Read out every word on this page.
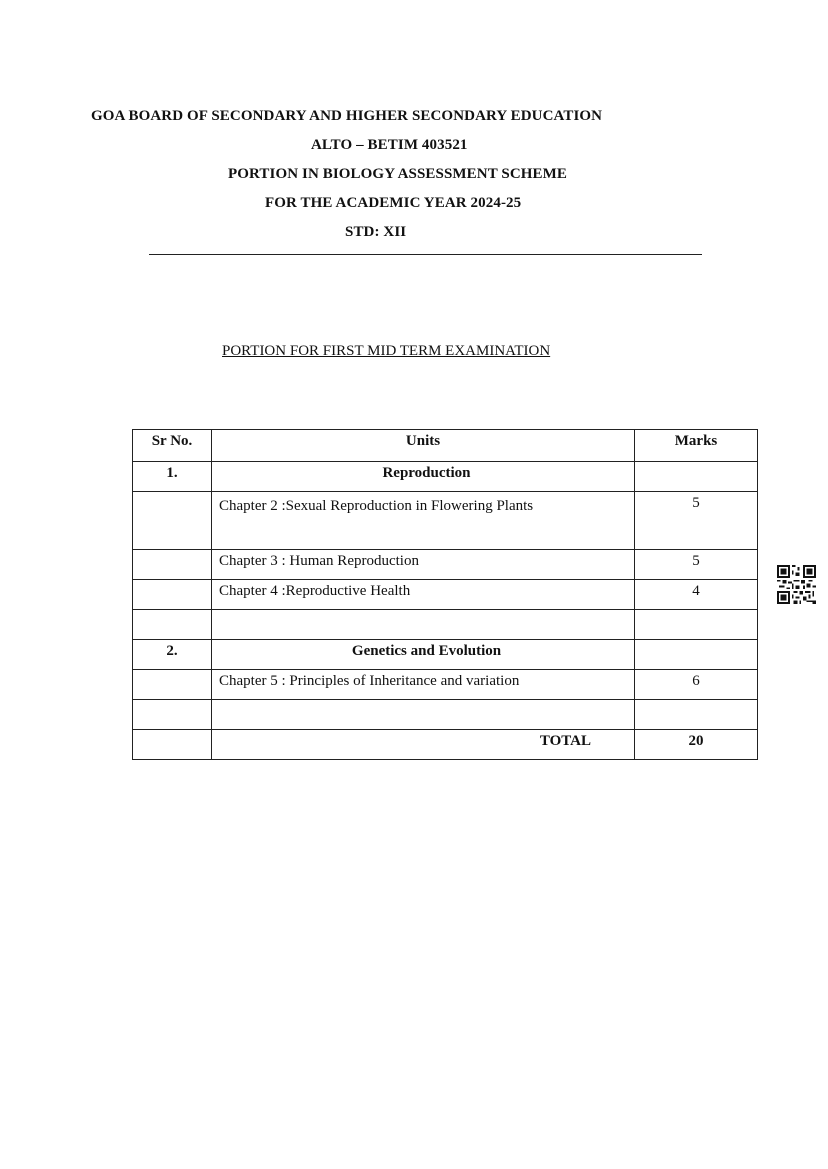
GOA BOARD OF SECONDARY AND HIGHER SECONDARY EDUCATION
ALTO – BETIM 403521
PORTION IN BIOLOGY ASSESSMENT SCHEME
FOR THE ACADEMIC YEAR 2024-25
STD: XII
PORTION FOR FIRST MID TERM EXAMINATION
Sr No.	Units	Marks
1.	Reproduction	

	Chapter 2 :Sexual Reproduction in Flowering Plants	5
	Chapter 3 : Human Reproduction	5
	Chapter 4 :Reproductive Health	4

2.	Genetics and Evolution	
	Chapter 5 : Principles of Inheritance and variation	6

	TOTAL	20
